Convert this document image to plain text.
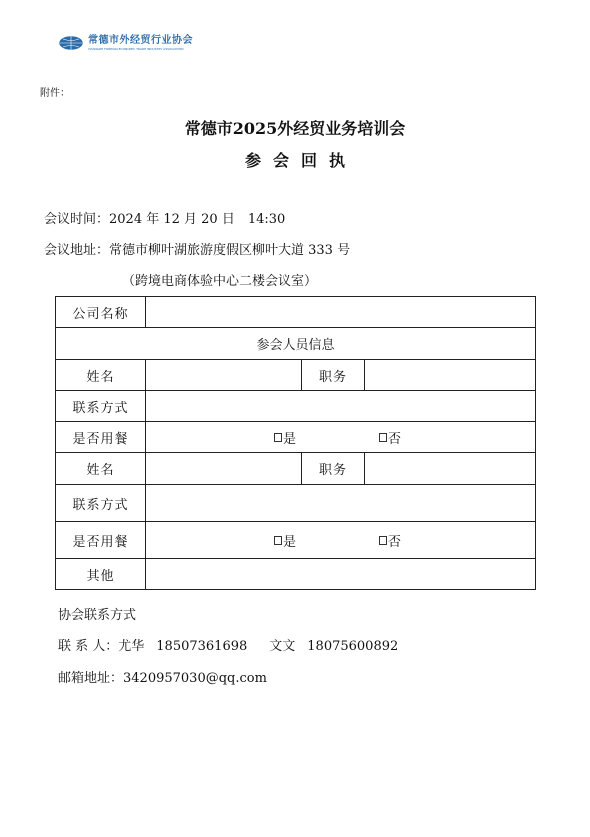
常德市外经贸行业协会
CHANGDE FOREIGN ECONOMIC TRADE INDUSTRY ASSOCIATION
附件：
常德市2025外经贸业务培训会
参会回执
会议时间：2024 年 12 月 20 日　14:30
会议地址：常德市柳叶湖旅游度假区柳叶大道 333 号
（跨境电商体验中心二楼会议室）
公司名称			
参会人员信息			
姓名		职务	
联系方式			
是否用餐	是 否		

姓名		职务	
联系方式			
是否用餐	是 否		

其他			
协会联系方式
联 系 人：尤华 18507361698 文文 18075600892
邮箱地址：3420957030@qq.com
